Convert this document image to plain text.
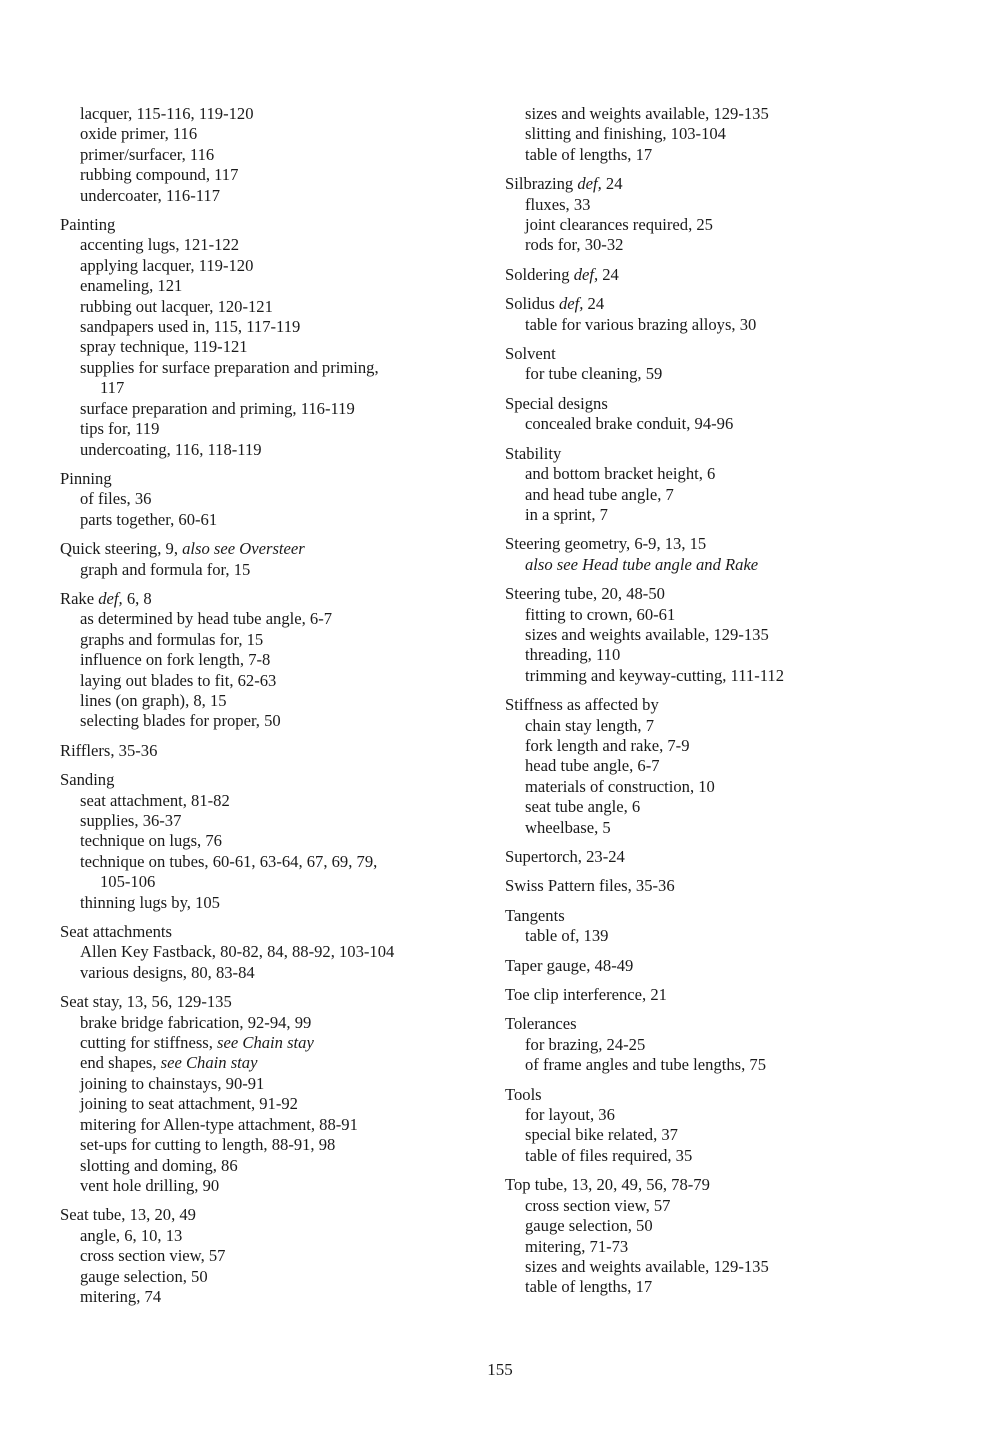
lacquer, 115-116, 119-120
oxide primer, 116
primer/surfacer, 116
rubbing compound, 117
undercoater, 116-117
Painting
accenting lugs, 121-122
applying lacquer, 119-120
enameling, 121
rubbing out lacquer, 120-121
sandpapers used in, 115, 117-119
spray technique, 119-121
supplies for surface preparation and priming,
117
surface preparation and priming, 116-119
tips for, 119
undercoating, 116, 118-119
Pinning
of files, 36
parts together, 60-61
Quick steering, 9, also see Oversteer
graph and formula for, 15
Rake def, 6, 8
as determined by head tube angle, 6-7
graphs and formulas for, 15
influence on fork length, 7-8
laying out blades to fit, 62-63
lines (on graph), 8, 15
selecting blades for proper, 50
Rifflers, 35-36
Sanding
seat attachment, 81-82
supplies, 36-37
technique on lugs, 76
technique on tubes, 60-61, 63-64, 67, 69, 79,
105-106
thinning lugs by, 105
Seat attachments
Allen Key Fastback, 80-82, 84, 88-92, 103-104
various designs, 80, 83-84
Seat stay, 13, 56, 129-135
brake bridge fabrication, 92-94, 99
cutting for stiffness, see Chain stay
end shapes, see Chain stay
joining to chainstays, 90-91
joining to seat attachment, 91-92
mitering for Allen-type attachment, 88-91
set-ups for cutting to length, 88-91, 98
slotting and doming, 86
vent hole drilling, 90
Seat tube, 13, 20, 49
angle, 6, 10, 13
cross section view, 57
gauge selection, 50
mitering, 74
sizes and weights available, 129-135
slitting and finishing, 103-104
table of lengths, 17
Silbrazing def, 24
fluxes, 33
joint clearances required, 25
rods for, 30-32
Soldering def, 24
Solidus def, 24
table for various brazing alloys, 30
Solvent
for tube cleaning, 59
Special designs
concealed brake conduit, 94-96
Stability
and bottom bracket height, 6
and head tube angle, 7
in a sprint, 7
Steering geometry, 6-9, 13, 15
also see Head tube angle and Rake
Steering tube, 20, 48-50
fitting to crown, 60-61
sizes and weights available, 129-135
threading, 110
trimming and keyway-cutting, 111-112
Stiffness as affected by
chain stay length, 7
fork length and rake, 7-9
head tube angle, 6-7
materials of construction, 10
seat tube angle, 6
wheelbase, 5
Supertorch, 23-24
Swiss Pattern files, 35-36
Tangents
table of, 139
Taper gauge, 48-49
Toe clip interference, 21
Tolerances
for brazing, 24-25
of frame angles and tube lengths, 75
Tools
for layout, 36
special bike related, 37
table of files required, 35
Top tube, 13, 20, 49, 56, 78-79
cross section view, 57
gauge selection, 50
mitering, 71-73
sizes and weights available, 129-135
table of lengths, 17
155
